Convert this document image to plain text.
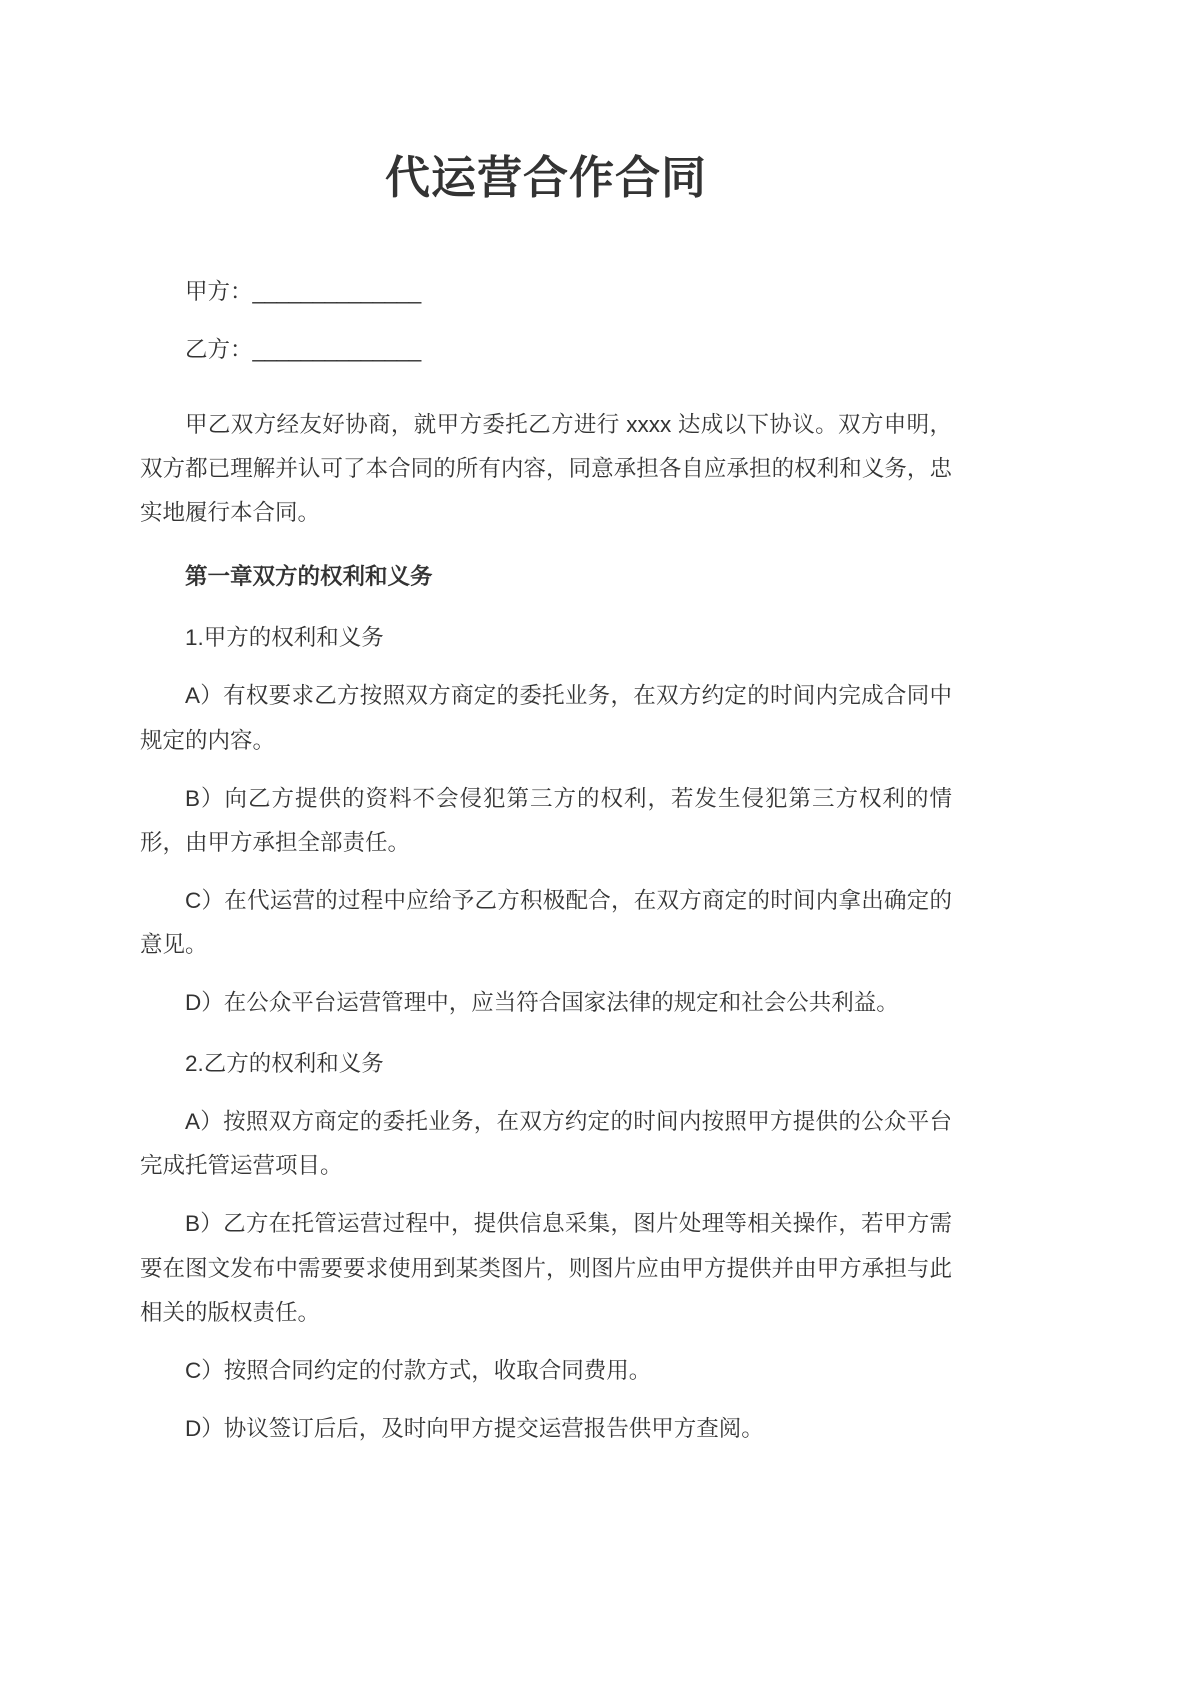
代运营合作合同

甲方：______________

乙方：______________

甲乙双方经友好协商，就甲方委托乙方进行 xxxx 达成以下协议。双方申明，双方都已理解并认可了本合同的所有内容，同意承担各自应承担的权利和义务，忠实地履行本合同。

第一章双方的权利和义务

1.甲方的权利和义务

A）有权要求乙方按照双方商定的委托业务，在双方约定的时间内完成合同中规定的内容。

B）向乙方提供的资料不会侵犯第三方的权利，若发生侵犯第三方权利的情形，由甲方承担全部责任。

C）在代运营的过程中应给予乙方积极配合，在双方商定的时间内拿出确定的意见。

D）在公众平台运营管理中，应当符合国家法律的规定和社会公共利益。

2.乙方的权利和义务

A）按照双方商定的委托业务，在双方约定的时间内按照甲方提供的公众平台完成托管运营项目。

B）乙方在托管运营过程中，提供信息采集，图片处理等相关操作，若甲方需要在图文发布中需要要求使用到某类图片，则图片应由甲方提供并由甲方承担与此相关的版权责任。

C）按照合同约定的付款方式，收取合同费用。

D）协议签订后后，及时向甲方提交运营报告供甲方查阅。
